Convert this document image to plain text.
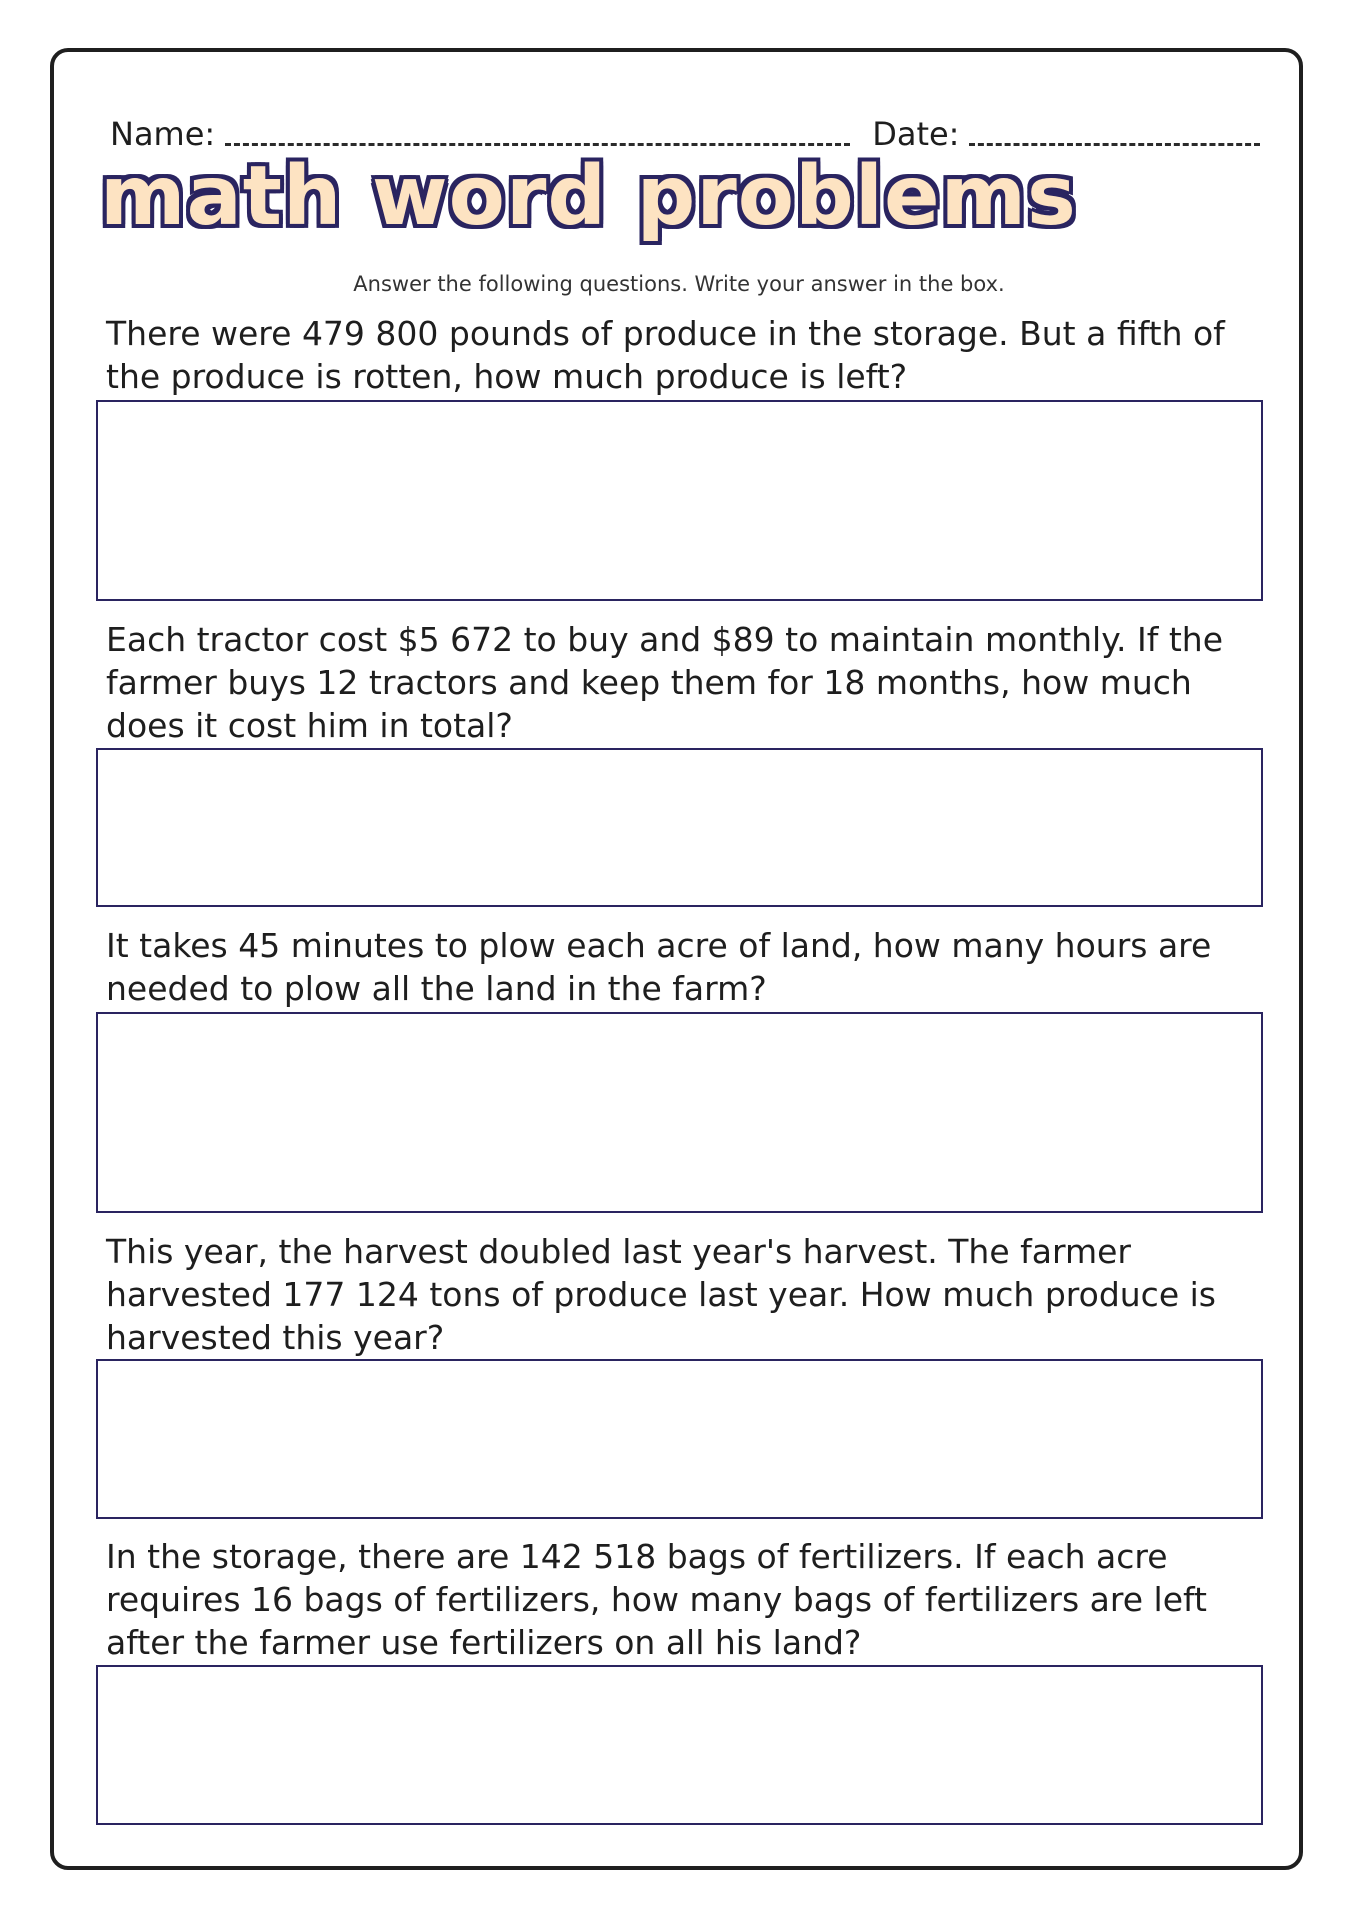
Name:	Date:
math word problems
Answer the following questions. Write your answer in the box.

There were 479 800 pounds of produce in the storage. But a fifth of the produce is rotten, how much produce is left?

Each tractor cost $5 672 to buy and $89 to maintain monthly. If the farmer buys 12 tractors and keep them for 18 months, how much does it cost him in total?

It takes 45 minutes to plow each acre of land, how many hours are needed to plow all the land in the farm?

This year, the harvest doubled last year's harvest. The farmer harvested 177 124 tons of produce last year. How much produce is harvested this year?

In the storage, there are 142 518 bags of fertilizers. If each acre requires 16 bags of fertilizers, how many bags of fertilizers are left after the farmer use fertilizers on all his land?
